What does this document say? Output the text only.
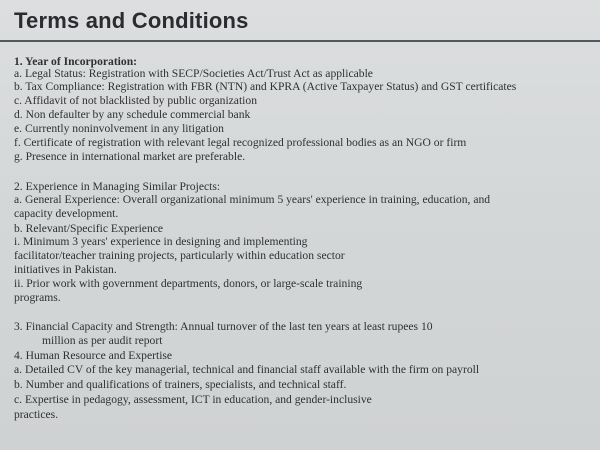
Terms and Conditions
1. Year of Incorporation:
a. Legal Status: Registration with SECP/Societies Act/Trust Act as applicable
b. Tax Compliance: Registration with FBR (NTN) and KPRA (Active Taxpayer Status) and GST certificates
c. Affidavit of not blacklisted by public organization
d. Non defaulter by any schedule commercial bank
e. Currently noninvolvement in any litigation
f. Certificate of registration with relevant legal recognized professional bodies as an NGO or firm
g. Presence in international market are preferable.
2. Experience in Managing Similar Projects:
a. General Experience: Overall organizational minimum 5 years' experience in training, education, and
capacity development.
b. Relevant/Specific Experience
i. Minimum 3 years' experience in designing and implementing
facilitator/teacher training projects, particularly within education sector
initiatives in Pakistan.
ii. Prior work with government departments, donors, or large-scale training
programs.
3. Financial Capacity and Strength: Annual turnover of the last ten years at least rupees 10
million as per audit report
4. Human Resource and Expertise
a. Detailed CV of the key managerial, technical and financial staff available with the firm on payroll
b. Number and qualifications of trainers, specialists, and technical staff.
c. Expertise in pedagogy, assessment, ICT in education, and gender-inclusive
practices.
